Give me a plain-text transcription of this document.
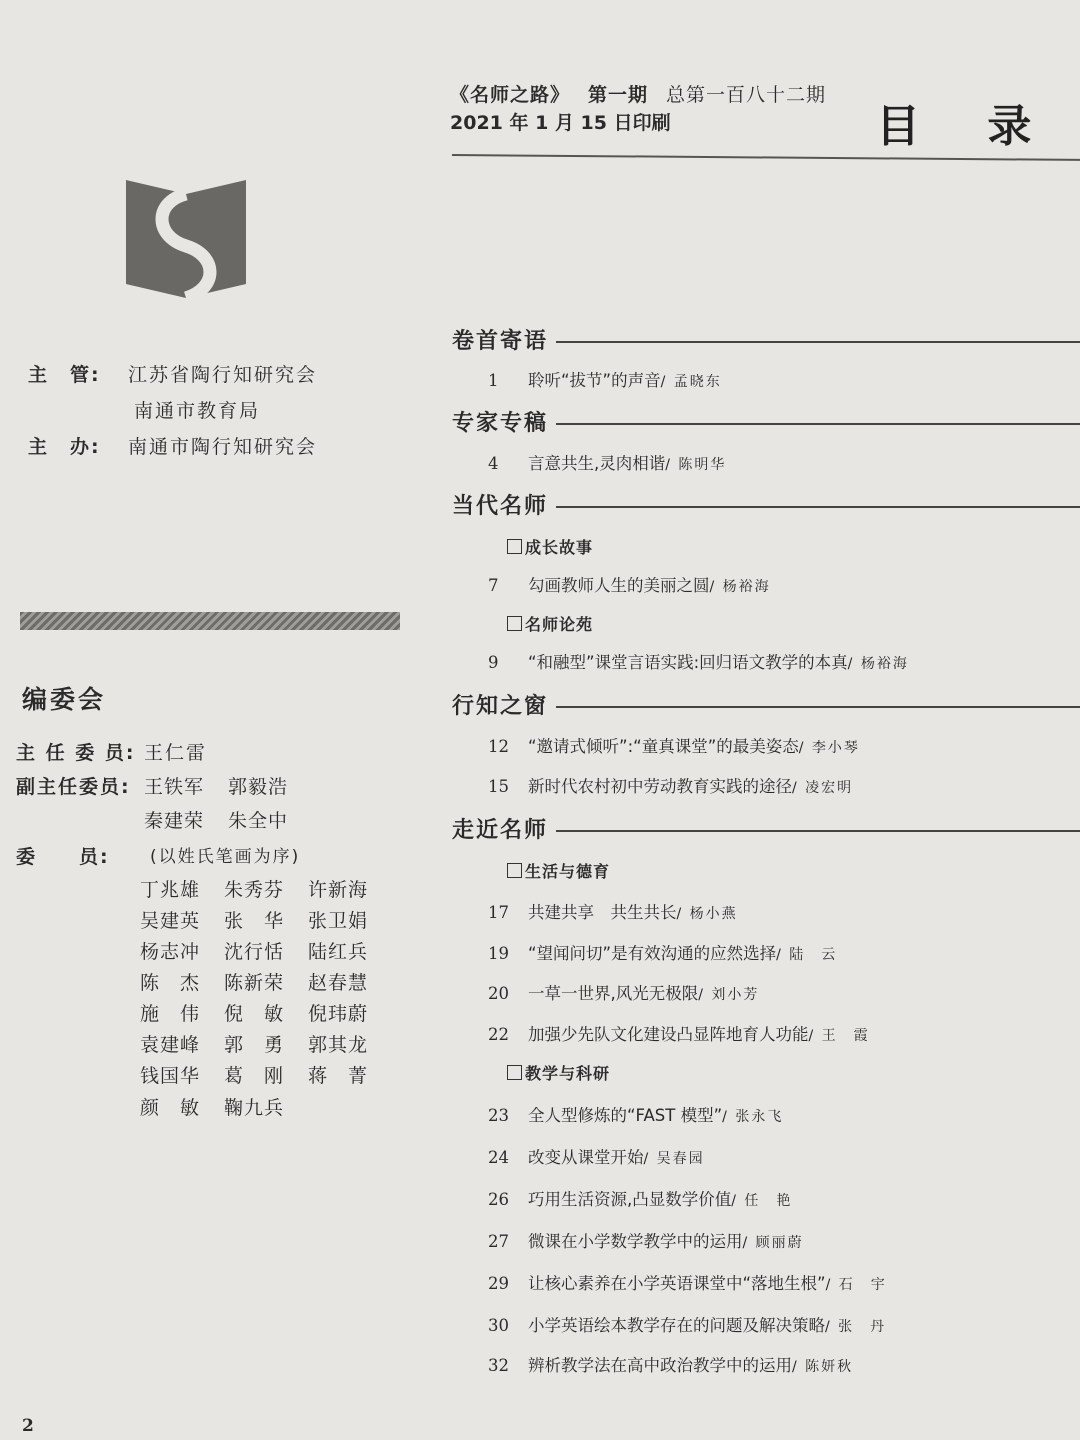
《名师之路》 第一期 总第一百八十二期
2021 年 1 月 15 日印刷	目 录
主　管: 江苏省陶行知研究会
南通市教育局
主　办: 南通市陶行知研究会
编委会
主 任 委 员: 王仁雷
副主任委员: 王铁军 郭毅浩
秦建荣 朱全中
委　　员: (以姓氏笔画为序)
丁兆雄 朱秀芬 许新海
吴建英 张　华 张卫娟
杨志冲 沈行恬 陆红兵
陈　杰 陈新荣 赵春慧
施　伟 倪　敏 倪玮蔚
袁建峰 郭　勇 郭其龙
钱国华 葛　刚 蒋　菁
颜　敏 鞠九兵
卷首寄语
1 聆听“拔节”的声音/ 孟晓东
专家专稿
4 言意共生,灵肉相谐/ 陈明华
当代名师
成长故事
7 勾画教师人生的美丽之圆/ 杨裕海
名师论苑
9 “和融型”课堂言语实践:回归语文教学的本真/ 杨裕海
行知之窗
12 “邀请式倾听”:“童真课堂”的最美姿态/ 李小琴
15 新时代农村初中劳动教育实践的途径/ 凌宏明
走近名师
生活与德育
17 共建共享　共生共长/ 杨小燕
19 “望闻问切”是有效沟通的应然选择/ 陆　云
20 一草一世界,风光无极限/ 刘小芳
22 加强少先队文化建设凸显阵地育人功能/ 王　霞
教学与科研
23 全人型修炼的“FAST 模型”/ 张永飞
24 改变从课堂开始/ 吴春园
26 巧用生活资源,凸显数学价值/ 任　艳
27 微课在小学数学教学中的运用/ 顾丽蔚
29 让核心素养在小学英语课堂中“落地生根”/ 石　宇
30 小学英语绘本教学存在的问题及解决策略/ 张　丹
32 辨析教学法在高中政治教学中的运用/ 陈妍秋
2
